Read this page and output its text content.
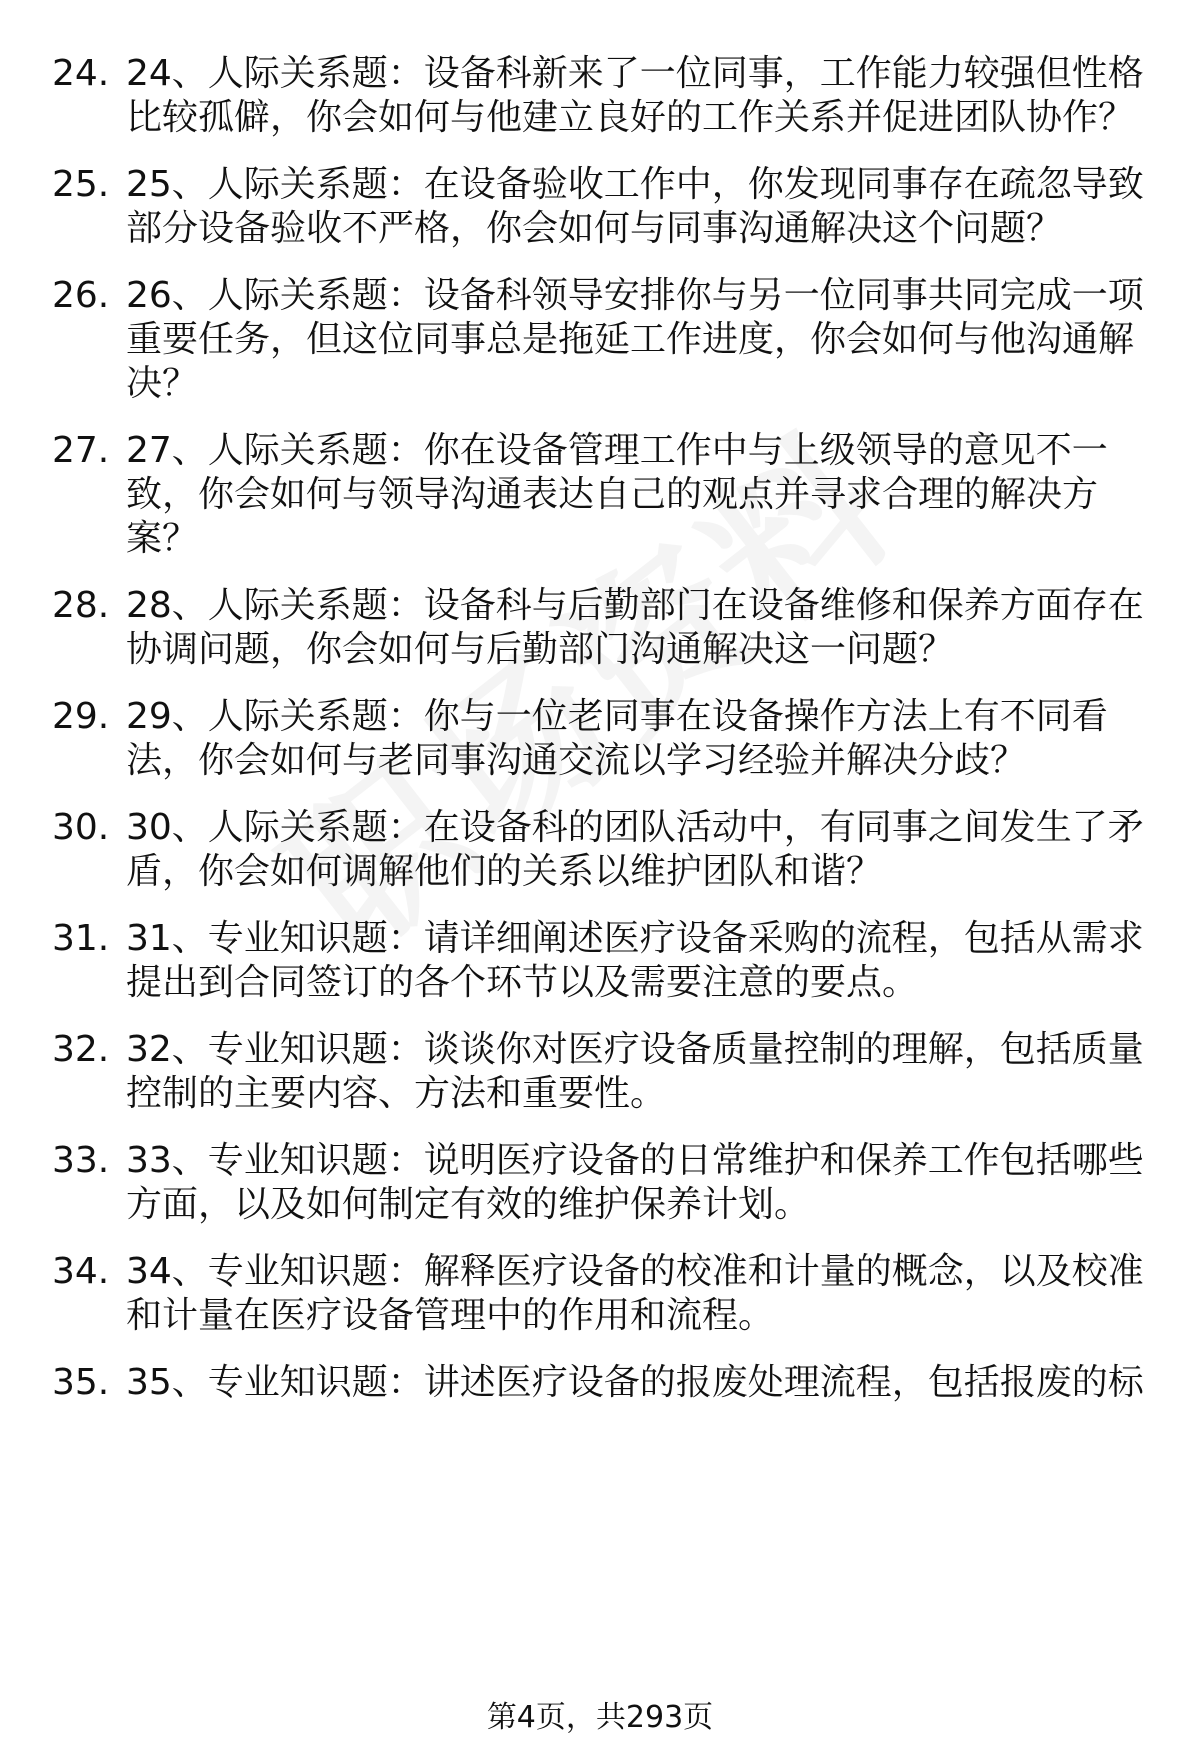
24. 24、人际关系题：设备科新来了一位同事，工作能力较强但性格比较孤僻，你会如何与他建立良好的工作关系并促进团队协作？
25. 25、人际关系题：在设备验收工作中，你发现同事存在疏忽导致部分设备验收不严格，你会如何与同事沟通解决这个问题？
26. 26、人际关系题：设备科领导安排你与另一位同事共同完成一项重要任务，但这位同事总是拖延工作进度，你会如何与他沟通解决？
27. 27、人际关系题：你在设备管理工作中与上级领导的意见不一致，你会如何与领导沟通表达自己的观点并寻求合理的解决方案？
28. 28、人际关系题：设备科与后勤部门在设备维修和保养方面存在协调问题，你会如何与后勤部门沟通解决这一问题？
29. 29、人际关系题：你与一位老同事在设备操作方法上有不同看法，你会如何与老同事沟通交流以学习经验并解决分歧？
30. 30、人际关系题：在设备科的团队活动中，有同事之间发生了矛盾，你会如何调解他们的关系以维护团队和谐？
31. 31、专业知识题：请详细阐述医疗设备采购的流程，包括从需求提出到合同签订的各个环节以及需要注意的要点。
32. 32、专业知识题：谈谈你对医疗设备质量控制的理解，包括质量控制的主要内容、方法和重要性。
33. 33、专业知识题：说明医疗设备的日常维护和保养工作包括哪些方面，以及如何制定有效的维护保养计划。
34. 34、专业知识题：解释医疗设备的校准和计量的概念，以及校准和计量在医疗设备管理中的作用和流程。
35. 35、专业知识题：讲述医疗设备的报废处理流程，包括报废的标
第4页，共293页
